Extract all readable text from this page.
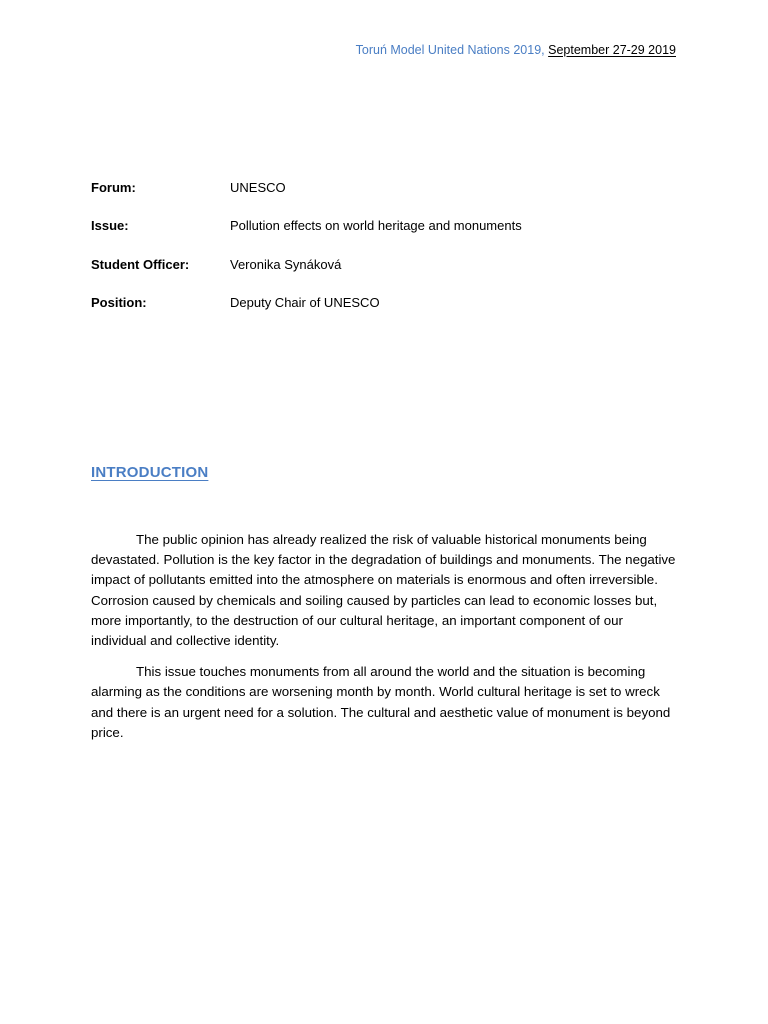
Toruń Model United Nations 2019, September 27-29 2019
Forum:	UNESCO
Issue:	Pollution effects on world heritage and monuments
Student Officer:	Veronika Synáková
Position:	Deputy Chair of UNESCO
INTRODUCTION

The public opinion has already realized the risk of valuable historical monuments being devastated. Pollution is the key factor in the degradation of buildings and monuments. The negative impact of pollutants emitted into the atmosphere on materials is enormous and often irreversible. Corrosion caused by chemicals and soiling caused by particles can lead to economic losses but, more importantly, to the destruction of our cultural heritage, an important component of our individual and collective identity.

This issue touches monuments from all around the world and the situation is becoming alarming as the conditions are worsening month by month. World cultural heritage is set to wreck and there is an urgent need for a solution. The cultural and aesthetic value of monument is beyond price.
